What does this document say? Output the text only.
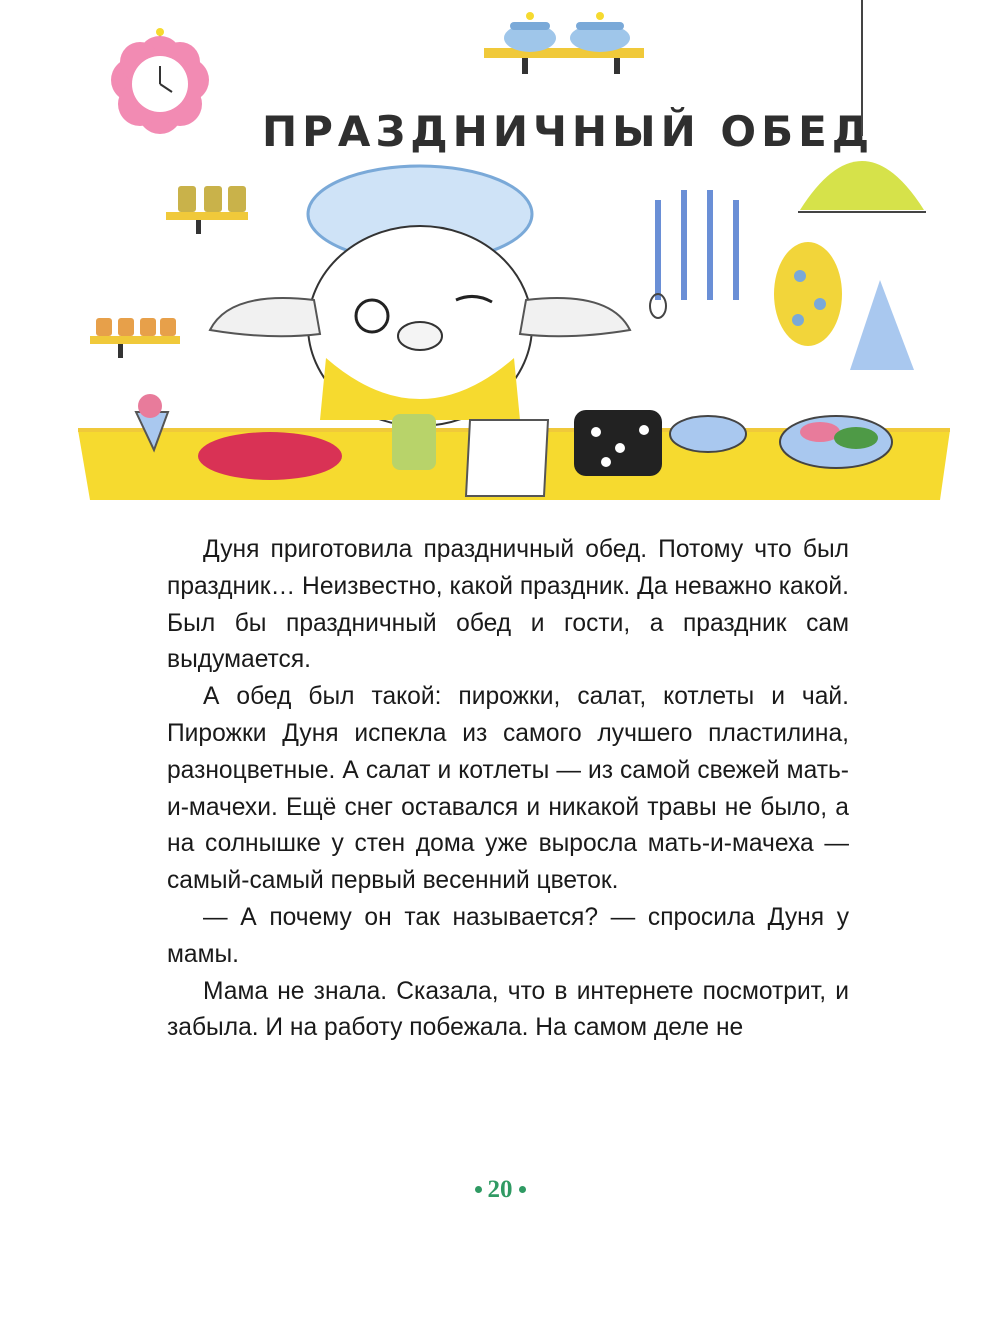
ПРАЗДНИЧНЫЙ ОБЕД

Дуня приготовила праздничный обед. Потому что был праздник… Неизвестно, какой праздник. Да неважно какой. Был бы праздничный обед и гости, а праздник сам выдумается.

А обед был такой: пирожки, салат, котлеты и чай. Пирожки Дуня испекла из самого лучшего пластилина, разноцветные. А салат и котлеты — из самой свежей мать-и-мачехи. Ещё снег оставался и никакой травы не было, а на солнышке у стен дома уже выросла мать-и-мачеха — самый-самый первый весенний цветок.

— А почему он так называется? — спросила Дуня у мамы.

Мама не знала. Сказала, что в интернете посмотрит, и забыла. И на работу побежала. На самом деле не

20
